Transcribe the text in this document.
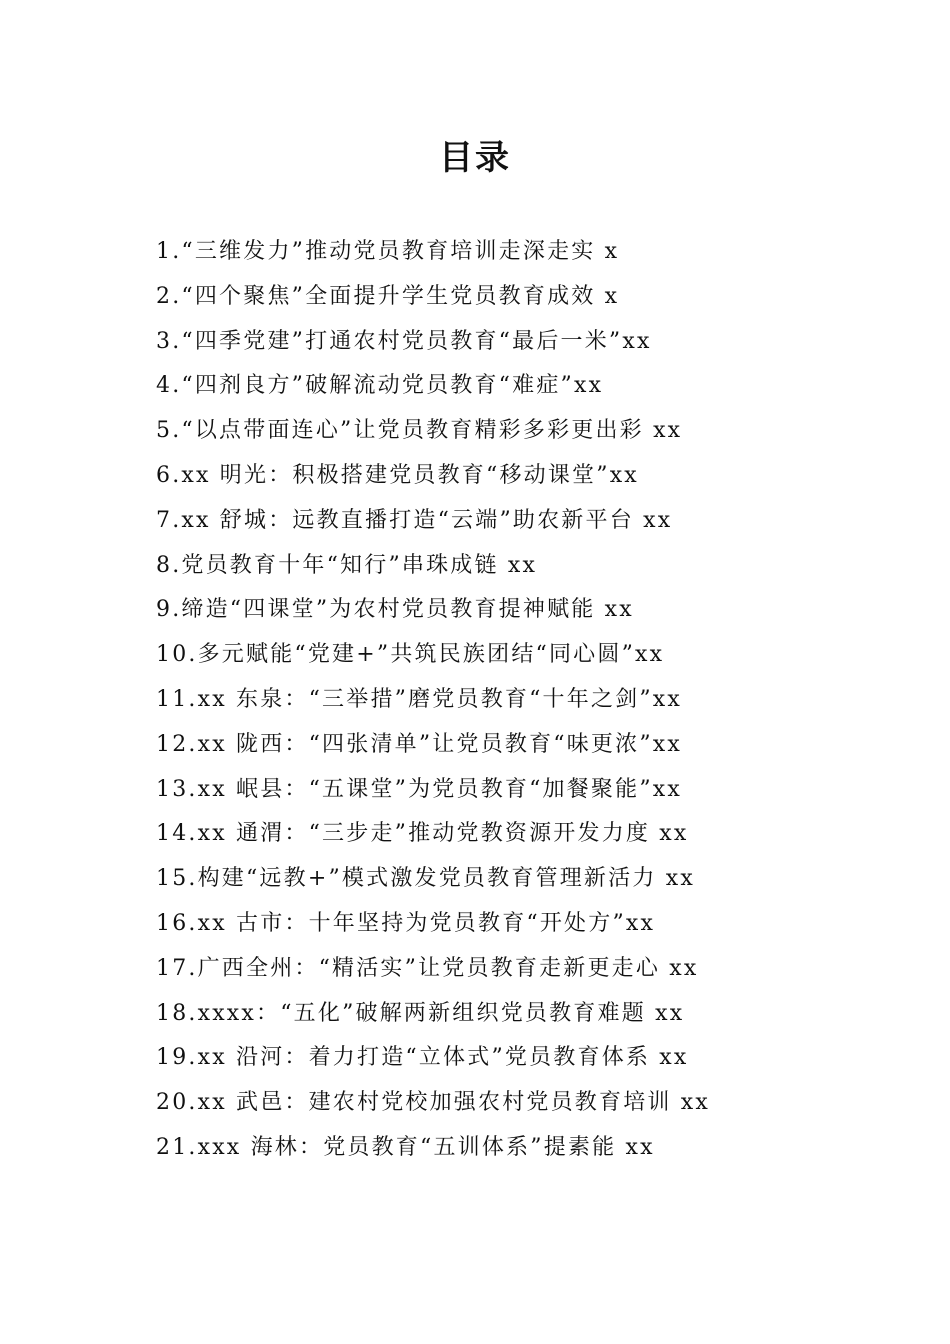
目录
1.“三维发力”推动党员教育培训走深走实 x
2.“四个聚焦”全面提升学生党员教育成效 x
3.“四季党建”打通农村党员教育“最后一米”xx
4.“四剂良方”破解流动党员教育“难症”xx
5.“以点带面连心”让党员教育精彩多彩更出彩 xx
6.xx 明光：积极搭建党员教育“移动课堂”xx
7.xx 舒城：远教直播打造“云端”助农新平台 xx
8.党员教育十年“知行”串珠成链 xx
9.缔造“四课堂”为农村党员教育提神赋能 xx
10.多元赋能“党建+”共筑民族团结“同心圆”xx
11.xx 东泉：“三举措”磨党员教育“十年之剑”xx
12.xx 陇西：“四张清单”让党员教育“味更浓”xx
13.xx 岷县：“五课堂”为党员教育“加餐聚能”xx
14.xx 通渭：“三步走”推动党教资源开发力度 xx
15.构建“远教+”模式激发党员教育管理新活力 xx
16.xx 古市：十年坚持为党员教育“开处方”xx
17.广西全州：“精活实”让党员教育走新更走心 xx
18.xxxx：“五化”破解两新组织党员教育难题 xx
19.xx 沿河：着力打造“立体式”党员教育体系 xx
20.xx 武邑：建农村党校加强农村党员教育培训 xx
21.xxx 海林：党员教育“五训体系”提素能 xx
